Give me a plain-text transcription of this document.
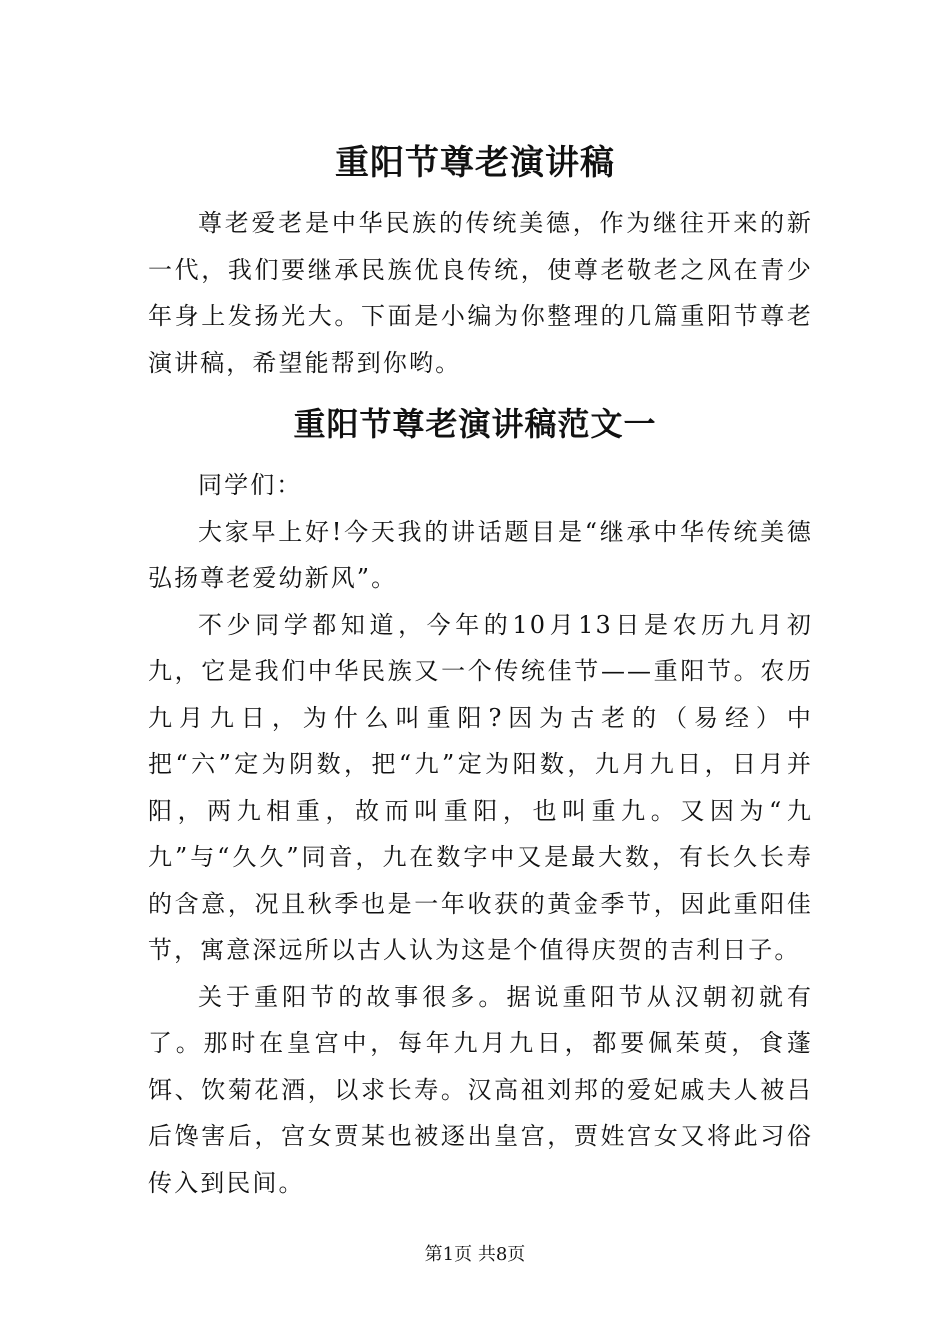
重阳节尊老演讲稿

尊老爱老是中华民族的传统美德，作为继往开来的新一代，我们要继承民族优良传统，使尊老敬老之风在青少年身上发扬光大。下面是小编为你整理的几篇重阳节尊老演讲稿，希望能帮到你哟。

重阳节尊老演讲稿范文一

同学们：

大家早上好!今天我的讲话题目是“继承中华传统美德弘扬尊老爱幼新风”。

不少同学都知道，今年的10月13日是农历九月初九，它是我们中华民族又一个传统佳节——重阳节。农历九月九日，为什么叫重阳?因为古老的（易经）中把“六”定为阴数，把“九”定为阳数，九月九日，日月并阳，两九相重，故而叫重阳，也叫重九。又因为“九九”与“久久”同音，九在数字中又是最大数，有长久长寿的含意，况且秋季也是一年收获的黄金季节，因此重阳佳节，寓意深远所以古人认为这是个值得庆贺的吉利日子。

关于重阳节的故事很多。据说重阳节从汉朝初就有了。那时在皇宫中，每年九月九日，都要佩茱萸，食蓬饵、饮菊花酒，以求长寿。汉高祖刘邦的爱妃戚夫人被吕后馋害后，宫女贾某也被逐出皇宫，贾姓宫女又将此习俗传入到民间。

第1页 共8页
